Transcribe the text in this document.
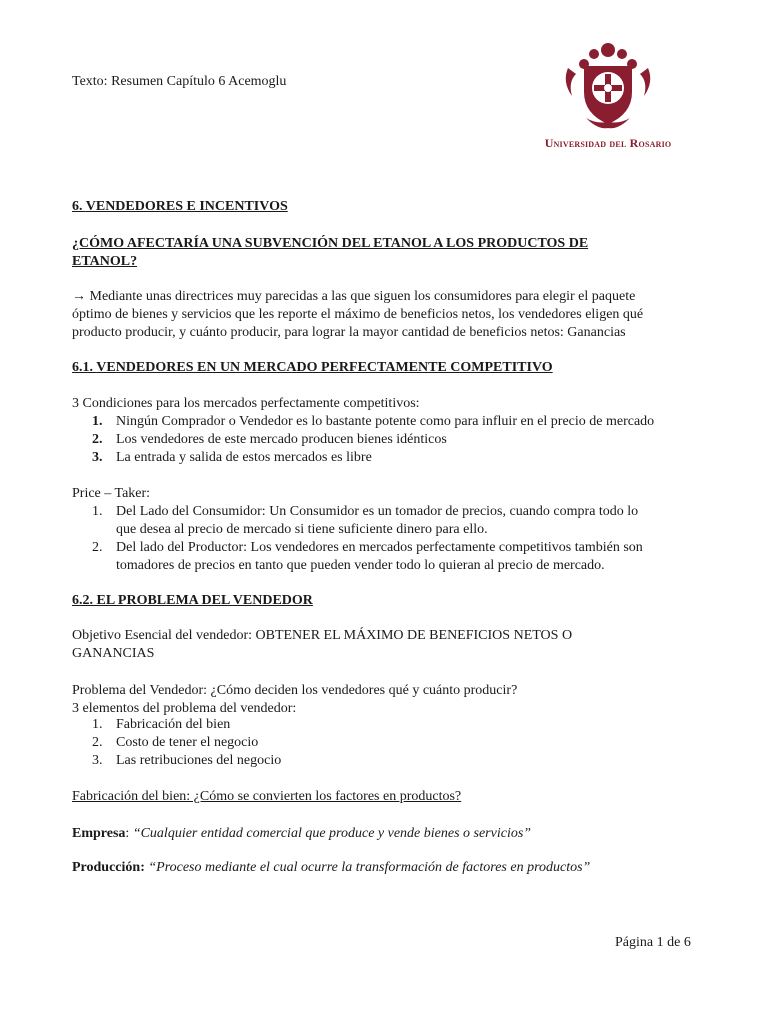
Texto: Resumen Capítulo 6 Acemoglu
Universidad del Rosario
6. VENDEDORES E INCENTIVOS
¿CÓMO AFECTARÍA UNA SUBVENCIÓN DEL ETANOL A LOS PRODUCTOS DE
ETANOL?
→ Mediante unas directrices muy parecidas a las que siguen los consumidores para elegir el paquete
óptimo de bienes y servicios que les reporte el máximo de beneficios netos, los vendedores eligen qué
producto producir, y cuánto producir, para lograr la mayor cantidad de beneficios netos: Ganancias
6.1. VENDEDORES EN UN MERCADO PERFECTAMENTE COMPETITIVO
3 Condiciones para los mercados perfectamente competitivos:
1. Ningún Comprador o Vendedor es lo bastante potente como para influir en el precio de mercado
2. Los vendedores de este mercado producen bienes idénticos
3. La entrada y salida de estos mercados es libre
Price – Taker:
1. Del Lado del Consumidor: Un Consumidor es un tomador de precios, cuando compra todo lo
que desea al precio de mercado si tiene suficiente dinero para ello.
2. Del lado del Productor: Los vendedores en mercados perfectamente competitivos también son
tomadores de precios en tanto que pueden vender todo lo quieran al precio de mercado.
6.2. EL PROBLEMA DEL VENDEDOR
Objetivo Esencial del vendedor: OBTENER EL MÁXIMO DE BENEFICIOS NETOS O
GANANCIAS
Problema del Vendedor: ¿Cómo deciden los vendedores qué y cuánto producir?
3 elementos del problema del vendedor:
1. Fabricación del bien
2. Costo de tener el negocio
3. Las retribuciones del negocio
Fabricación del bien: ¿Cómo se convierten los factores en productos?
Empresa: “Cualquier entidad comercial que produce y vende bienes o servicios”
Producción: “Proceso mediante el cual ocurre la transformación de factores en productos”
Página 1 de 6
